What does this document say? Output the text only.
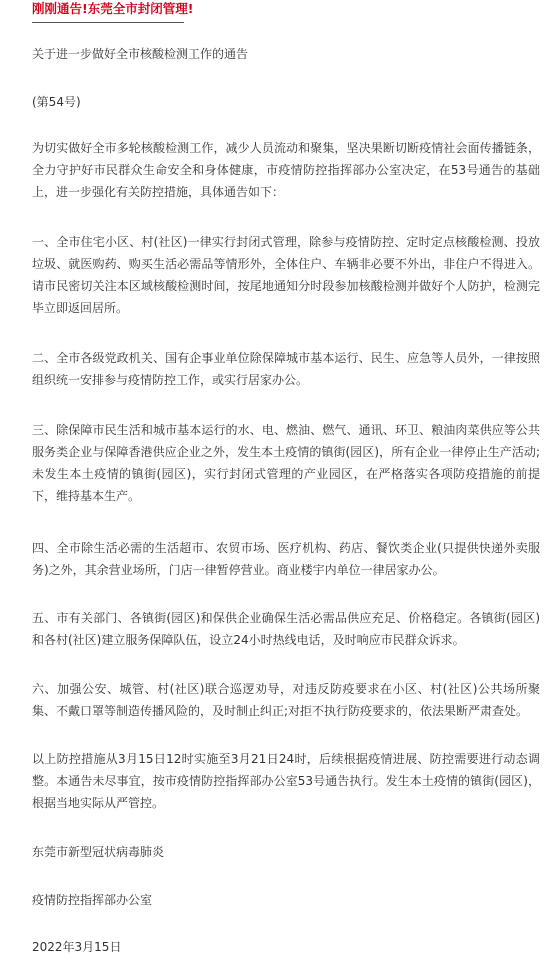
刚刚通告!东莞全市封闭管理!

关于进一步做好全市核酸检测工作的通告

(第54号)

为切实做好全市多轮核酸检测工作，减少人员流动和聚集，坚决果断切断疫情社会面传播链条，全力守护好市民群众生命安全和身体健康，市疫情防控指挥部办公室决定，在53号通告的基础上，进一步强化有关防控措施，具体通告如下：

一、全市住宅小区、村(社区)一律实行封闭式管理，除参与疫情防控、定时定点核酸检测、投放垃圾、就医购药、购买生活必需品等情形外，全体住户、车辆非必要不外出，非住户不得进入。请市民密切关注本区域核酸检测时间，按尾地通知分时段参加核酸检测并做好个人防护，检测完毕立即返回居所。

二、全市各级党政机关、国有企事业单位除保障城市基本运行、民生、应急等人员外，一律按照组织统一安排参与疫情防控工作，或实行居家办公。

三、除保障市民生活和城市基本运行的水、电、燃油、燃气、通讯、环卫、粮油肉菜供应等公共服务类企业与保障香港供应企业之外，发生本土疫情的镇街(园区)，所有企业一律停止生产活动;未发生本土疫情的镇街(园区)，实行封闭式管理的产业园区，在严格落实各项防疫措施的前提下，维持基本生产。

四、全市除生活必需的生活超市、农贸市场、医疗机构、药店、餐饮类企业(只提供快递外卖服务)之外，其余营业场所，门店一律暂停营业。商业楼宇内单位一律居家办公。

五、市有关部门、各镇街(园区)和保供企业确保生活必需品供应充足、价格稳定。各镇街(园区)和各村(社区)建立服务保障队伍，设立24小时热线电话，及时响应市民群众诉求。

六、加强公安、城管、村(社区)联合巡逻劝导，对违反防疫要求在小区、村(社区)公共场所聚集、不戴口罩等制造传播风险的，及时制止纠正;对拒不执行防疫要求的，依法果断严肃查处。

以上防控措施从3月15日12时实施至3月21日24时，后续根据疫情进展、防控需要进行动态调整。本通告未尽事宜，按市疫情防控指挥部办公室53号通告执行。发生本土疫情的镇街(园区)，根据当地实际从严管控。

东莞市新型冠状病毒肺炎

疫情防控指挥部办公室

2022年3月15日
